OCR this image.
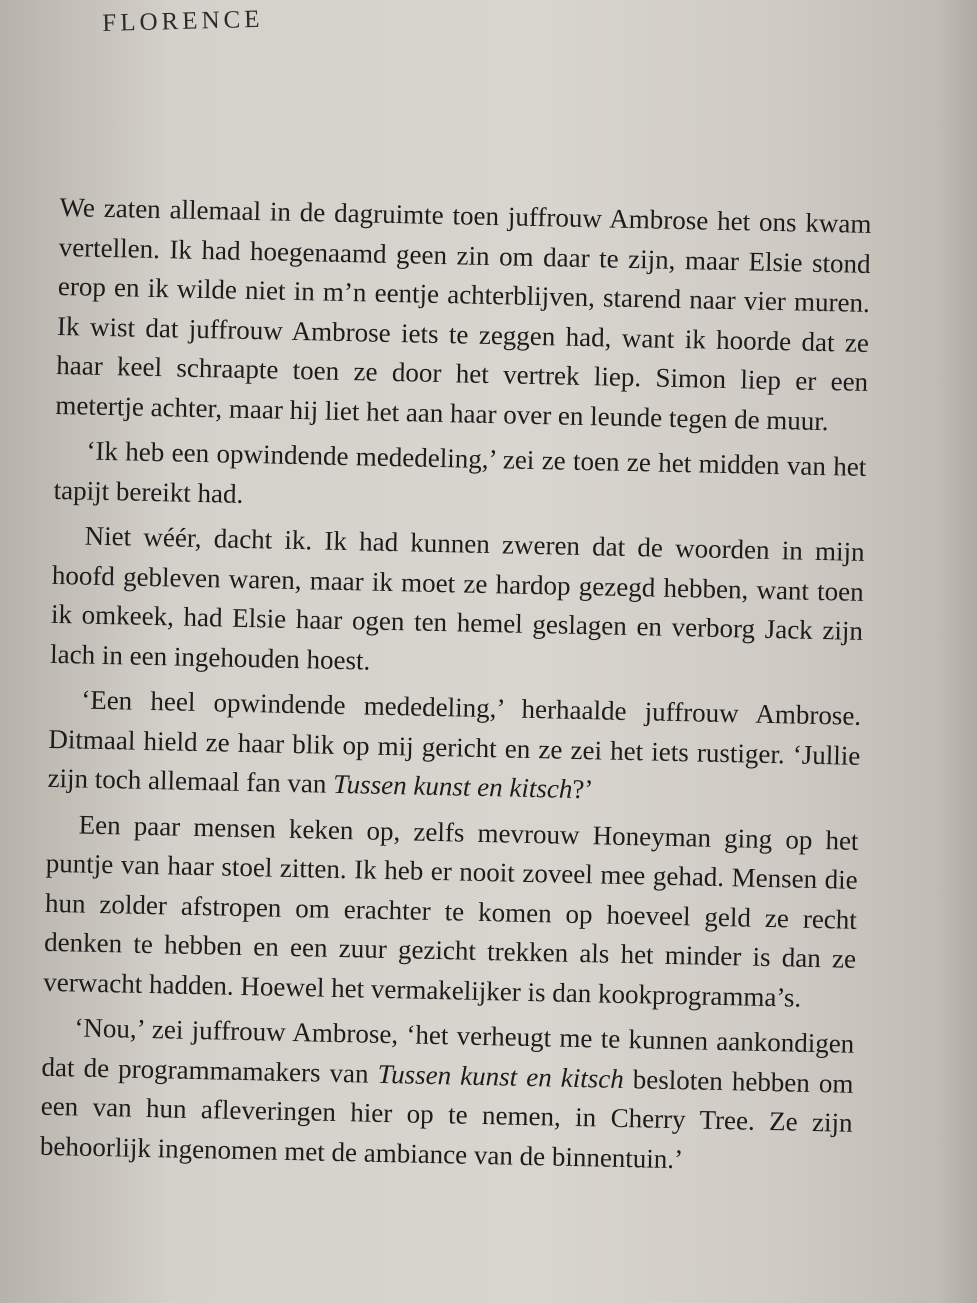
FLORENCE

We zaten allemaal in de dagruimte toen juffrouw Ambrose het ons kwam vertellen. Ik had hoegenaamd geen zin om daar te zijn, maar Elsie stond erop en ik wilde niet in m’n eentje achterblijven, starend naar vier muren. Ik wist dat juffrouw Ambrose iets te zeggen had, want ik hoorde dat ze haar keel schraapte toen ze door het vertrek liep. Simon liep er een metertje achter, maar hij liet het aan haar over en leunde tegen de muur.

‘Ik heb een opwindende mededeling,’ zei ze toen ze het midden van het tapijt bereikt had.

Niet wéér, dacht ik. Ik had kunnen zweren dat de woorden in mijn hoofd gebleven waren, maar ik moet ze hardop gezegd hebben, want toen ik omkeek, had Elsie haar ogen ten hemel geslagen en verborg Jack zijn lach in een ingehouden hoest.

‘Een heel opwindende mededeling,’ herhaalde juffrouw Ambrose. Ditmaal hield ze haar blik op mij gericht en ze zei het iets rustiger. ‘Jullie zijn toch allemaal fan van Tussen kunst en kitsch?’

Een paar mensen keken op, zelfs mevrouw Honeyman ging op het puntje van haar stoel zitten. Ik heb er nooit zoveel mee gehad. Mensen die hun zolder afstropen om erachter te komen op hoeveel geld ze recht denken te hebben en een zuur gezicht trekken als het minder is dan ze verwacht hadden. Hoewel het vermakelijker is dan kookprogramma’s.

‘Nou,’ zei juffrouw Ambrose, ‘het verheugt me te kunnen aankondigen dat de programmamakers van Tussen kunst en kitsch besloten hebben om een van hun afleveringen hier op te nemen, in Cherry Tree. Ze zijn behoorlijk ingenomen met de ambiance van de binnentuin.’
